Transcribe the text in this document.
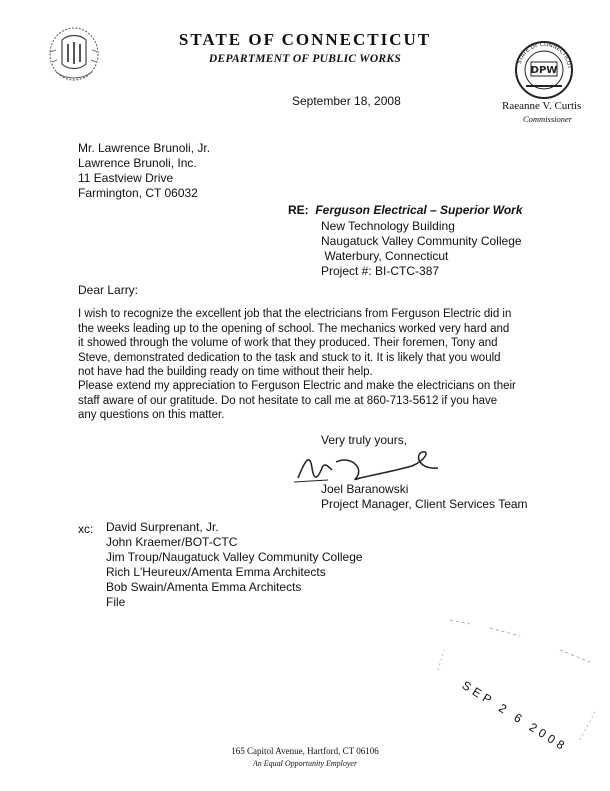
STATE OF CONNECTICUT
DEPARTMENT OF PUBLIC WORKS	STATE OF CONNECTICUT
DPW
September 18, 2008	Raeanne V. Curtis
Commissioner

Mr. Lawrence Brunoli, Jr.

Lawrence Brunoli, Inc.

11 Eastview Drive

Farmington, CT 06032

RE: Ferguson Electrical – Superior Work

New Technology Building

Naugatuck Valley Community College

Waterbury, Connecticut

Project #: BI-CTC-387

Dear Larry:
I wish to recognize the excellent job that the electricians from Ferguson Electric did in the weeks leading up to the opening of school. The mechanics worked very hard and it showed through the volume of work that they produced. Their foremen, Tony and Steve, demonstrated dedication to the task and stuck to it. It is likely that you would not have had the building ready on time without their help.
Please extend my appreciation to Ferguson Electric and make the electricians on their staff aware of our gratitude. Do not hesitate to call me at 860-713-5612 if you have any questions on this matter.
Very truly yours,

Joel Baranowski

Project Manager, Client Services Team

xc: David Surprenant, Jr.

John Kraemer/BOT-CTC

Jim Troup/Naugatuck Valley Community College

Rich L'Heureux/Amenta Emma Architects

Bob Swain/Amenta Emma Architects

File

SEP 2 6 2008
165 Capitol Avenue, Hartford, CT 06106
An Equal Opportunity Employer
